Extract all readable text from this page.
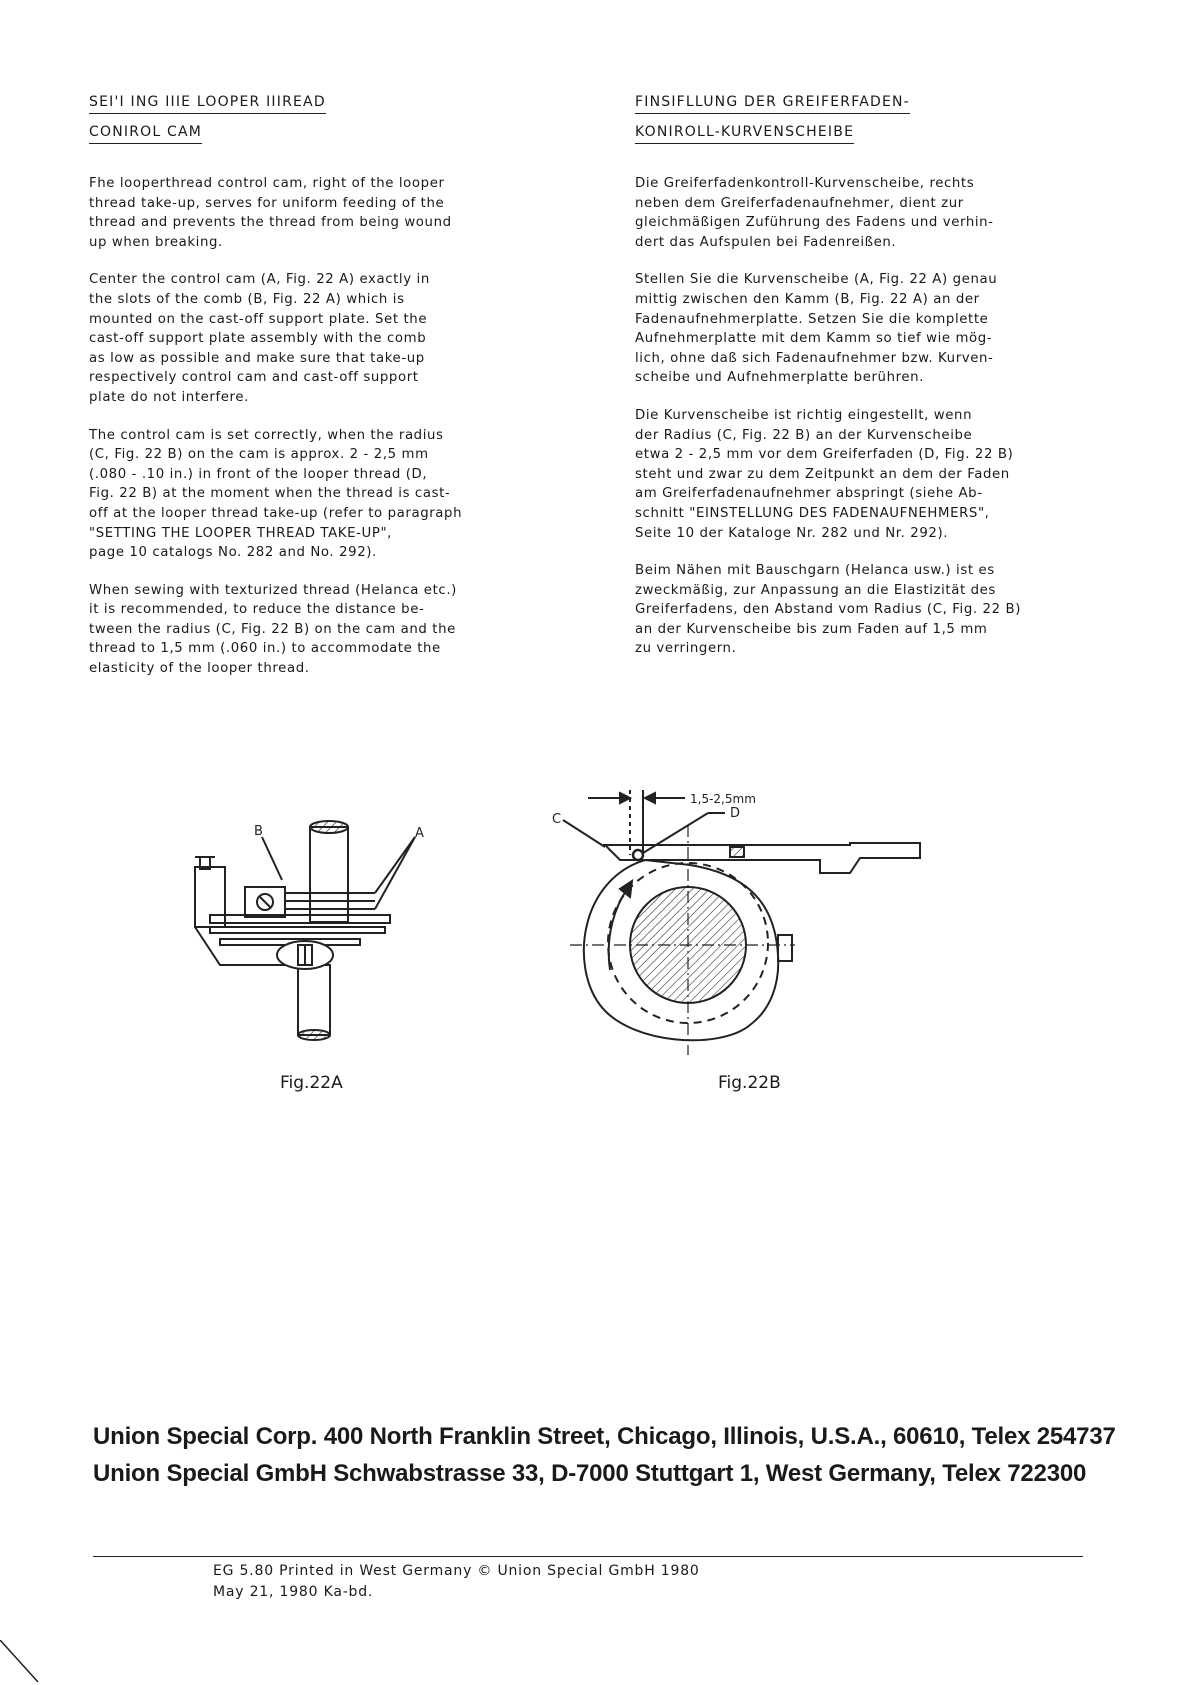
SEI'I ING IIIE LOOPER IIIREAD
CONIROL CAM

Fhe looperthread control cam, right of the looper
thread take-up, serves for uniform feeding of the
thread and prevents the thread from being wound
up when breaking.

Center the control cam (A, Fig. 22 A) exactly in
the slots of the comb (B, Fig. 22 A) which is
mounted on the cast-off support plate. Set the
cast-off support plate assembly with the comb
as low as possible and make sure that take-up
respectively control cam and cast-off support
plate do not interfere.

The control cam is set correctly, when the radius
(C, Fig. 22 B) on the cam is approx. 2 - 2,5 mm
(.080 - .10 in.) in front of the looper thread (D,
Fig. 22 B) at the moment when the thread is cast-
off at the looper thread take-up (refer to paragraph
"SETTING THE LOOPER THREAD TAKE-UP",
page 10 catalogs No. 282 and No. 292).

When sewing with texturized thread (Helanca etc.)
it is recommended, to reduce the distance be-
tween the radius (C, Fig. 22 B) on the cam and the
thread to 1,5 mm (.060 in.) to accommodate the
elasticity of the looper thread.

FINSIFLLUNG DER GREIFERFADEN-
KONIROLL-KURVENSCHEIBE

Die Greiferfadenkontroll-Kurvenscheibe, rechts
neben dem Greiferfadenaufnehmer, dient zur
gleichmäßigen Zuführung des Fadens und verhin-
dert das Aufspulen bei Fadenreißen.

Stellen Sie die Kurvenscheibe (A, Fig. 22 A) genau
mittig zwischen den Kamm (B, Fig. 22 A) an der
Fadenaufnehmerplatte. Setzen Sie die komplette
Aufnehmerplatte mit dem Kamm so tief wie mög-
lich, ohne daß sich Fadenaufnehmer bzw. Kurven-
scheibe und Aufnehmerplatte berühren.

Die Kurvenscheibe ist richtig eingestellt, wenn
der Radius (C, Fig. 22 B) an der Kurvenscheibe
etwa 2 - 2,5 mm vor dem Greiferfaden (D, Fig. 22 B)
steht und zwar zu dem Zeitpunkt an dem der Faden
am Greiferfadenaufnehmer abspringt (siehe Ab-
schnitt "EINSTELLUNG DES FADENAUFNEHMERS",
Seite 10 der Kataloge Nr. 282 und Nr. 292).

Beim Nähen mit Bauschgarn (Helanca usw.) ist es
zweckmäßig, zur Anpassung an die Elastizität des
Greiferfadens, den Abstand vom Radius (C, Fig. 22 B)
an der Kurvenscheibe bis zum Faden auf 1,5 mm
zu verringern.

B	A
Fig.22A
C	D
1,5-2,5mm
Fig.22B
Union Special Corp. 400 North Franklin Street, Chicago, Illinois, U.S.A., 60610, Telex 254737
Union Special GmbH Schwabstrasse 33, D-7000 Stuttgart 1, West Germany, Telex 722300
EG 5.80 Printed in West Germany © Union Special GmbH 1980
May 21, 1980 Ka-bd.
